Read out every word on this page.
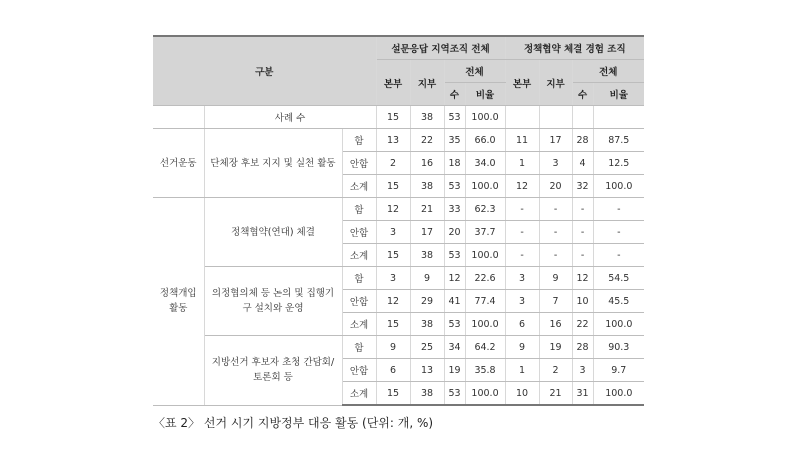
구분			설문응답 지역조직 전체				정책협약 체결 경험 조직			
			본부	지부	전체		본부	지부	전체	
					수	비율			수	비율
	사례 수		15	38	53	100.0				
선거운동	단체장 후보 지지 및 실천 활동	함	13	22	35	66.0	11	17	28	87.5
		안함	2	16	18	34.0	1	3	4	12.5
		소계	15	38	53	100.0	12	20	32	100.0
정책개입 활동	정책협약(연대) 체결	함	12	21	33	62.3	-	-	-	-
		안함	3	17	20	37.7	-	-	-	-
		소계	15	38	53	100.0	-	-	-	-
	의정협의체 등 논의 및 집행기구 설치와 운영	함	3	9	12	22.6	3	9	12	54.5
		안함	12	29	41	77.4	3	7	10	45.5
		소계	15	38	53	100.0	6	16	22	100.0
	지방선거 후보자 초청 간담회/ 토론회 등	함	9	25	34	64.2	9	19	28	90.3
		안함	6	13	19	35.8	1	2	3	9.7
		소계	15	38	53	100.0	10	21	31	100.0
〈표 2〉 선거 시기 지방정부 대응 활동 (단위: 개, %)
